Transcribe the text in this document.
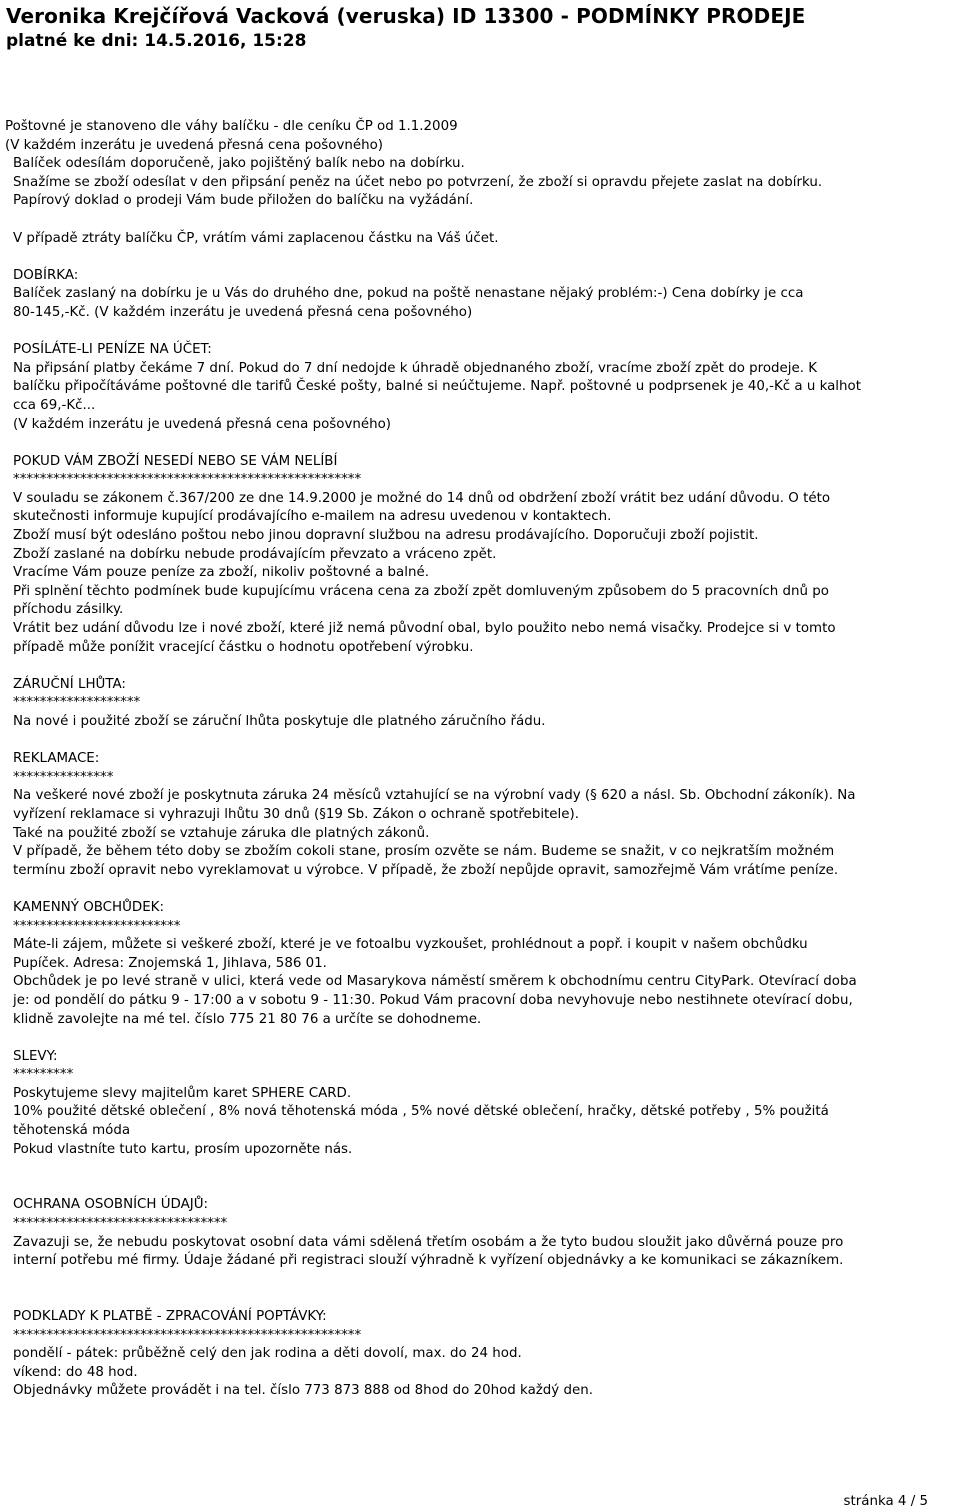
Veronika Krejčířová Vacková (veruska) ID 13300 - PODMÍNKY PRODEJE
platné ke dni: 14.5.2016, 15:28
Poštovné je stanoveno dle váhy balíčku - dle ceníku ČP od 1.1.2009
(V každém inzerátu je uvedená přesná cena pošovného)
Balíček odesílám doporučeně, jako pojištěný balík nebo na dobírku.
Snažíme se zboží odesílat v den připsání peněz na účet nebo po potvrzení, že zboží si opravdu přejete zaslat na dobírku.
Papírový doklad o prodeji Vám bude přiložen do balíčku na vyžádání.
V případě ztráty balíčku ČP, vrátím vámi zaplacenou částku na Váš účet.
DOBÍRKA:
Balíček zaslaný na dobírku je u Vás do druhého dne, pokud na poště nenastane nějaký problém:-) Cena dobírky je cca
80-145,-Kč. (V každém inzerátu je uvedená přesná cena pošovného)
POSÍLÁTE-LI PENÍZE NA ÚČET:
Na připsání platby čekáme 7 dní. Pokud do 7 dní nedojde k úhradě objednaného zboží, vracíme zboží zpět do prodeje. K
balíčku připočítáváme poštovné dle tarifů České pošty, balné si neúčtujeme. Např. poštovné u podprsenek je 40,-Kč a u kalhot
cca 69,-Kč...
(V každém inzerátu je uvedená přesná cena pošovného)
POKUD VÁM ZBOŽÍ NESEDÍ NEBO SE VÁM NELÍBÍ
****************************************************
V souladu se zákonem č.367/200 ze dne 14.9.2000 je možné do 14 dnů od obdržení zboží vrátit bez udání důvodu. O této
skutečnosti informuje kupující prodávajícího e-mailem na adresu uvedenou v kontaktech.
Zboží musí být odesláno poštou nebo jinou dopravní službou na adresu prodávajícího. Doporučuji zboží pojistit.
Zboží zaslané na dobírku nebude prodávajícím převzato a vráceno zpět.
Vracíme Vám pouze peníze za zboží, nikoliv poštovné a balné.
Při splnění těchto podmínek bude kupujícímu vrácena cena za zboží zpět domluveným způsobem do 5 pracovních dnů po
příchodu zásilky.
Vrátit bez udání důvodu lze i nové zboží, které již nemá původní obal, bylo použito nebo nemá visačky. Prodejce si v tomto
případě může ponížit vracející částku o hodnotu opotřebení výrobku.
ZÁRUČNÍ LHŮTA:
*******************
Na nové i použité zboží se záruční lhůta poskytuje dle platného záručního řádu.
REKLAMACE:
***************
Na veškeré nové zboží je poskytnuta záruka 24 měsíců vztahující se na výrobní vady (§ 620 a násl. Sb. Obchodní zákoník). Na
vyřízení reklamace si vyhrazuji lhůtu 30 dnů (§19 Sb. Zákon o ochraně spotřebitele).
Také na použité zboží se vztahuje záruka dle platných zákonů.
V případě, že během této doby se zbožím cokoli stane, prosím ozvěte se nám. Budeme se snažit, v co nejkratším možném
termínu zboží opravit nebo vyreklamovat u výrobce. V případě, že zboží nepůjde opravit, samozřejmě Vám vrátíme peníze.
KAMENNÝ OBCHŮDEK:
*************************
Máte-li zájem, můžete si veškeré zboží, které je ve fotoalbu vyzkoušet, prohlédnout a popř. i koupit v našem obchůdku
Pupíček. Adresa: Znojemská 1, Jihlava, 586 01.
Obchůdek je po levé straně v ulici, která vede od Masarykova náměstí směrem k obchodnímu centru CityPark. Otevírací doba
je: od pondělí do pátku 9 - 17:00 a v sobotu 9 - 11:30. Pokud Vám pracovní doba nevyhovuje nebo nestihnete otevírací dobu,
klidně zavolejte na mé tel. číslo 775 21 80 76 a určíte se dohodneme.
SLEVY:
*********
Poskytujeme slevy majitelům karet SPHERE CARD.
10% použité dětské oblečení , 8% nová těhotenská móda , 5% nové dětské oblečení, hračky, dětské potřeby , 5% použitá
těhotenská móda
Pokud vlastníte tuto kartu, prosím upozorněte nás.
OCHRANA OSOBNÍCH ÚDAJŮ:
********************************
Zavazuji se, že nebudu poskytovat osobní data vámi sdělená třetím osobám a že tyto budou sloužit jako důvěrná pouze pro
interní potřebu mé firmy. Údaje žádané při registraci slouží výhradně k vyřízení objednávky a ke komunikaci se zákazníkem.
PODKLADY K PLATBĚ - ZPRACOVÁNÍ POPTÁVKY:
****************************************************
pondělí - pátek: průběžně celý den jak rodina a děti dovolí, max. do 24 hod.
víkend: do 48 hod.
Objednávky můžete provádět i na tel. číslo 773 873 888 od 8hod do 20hod každý den.
stránka 4 / 5
